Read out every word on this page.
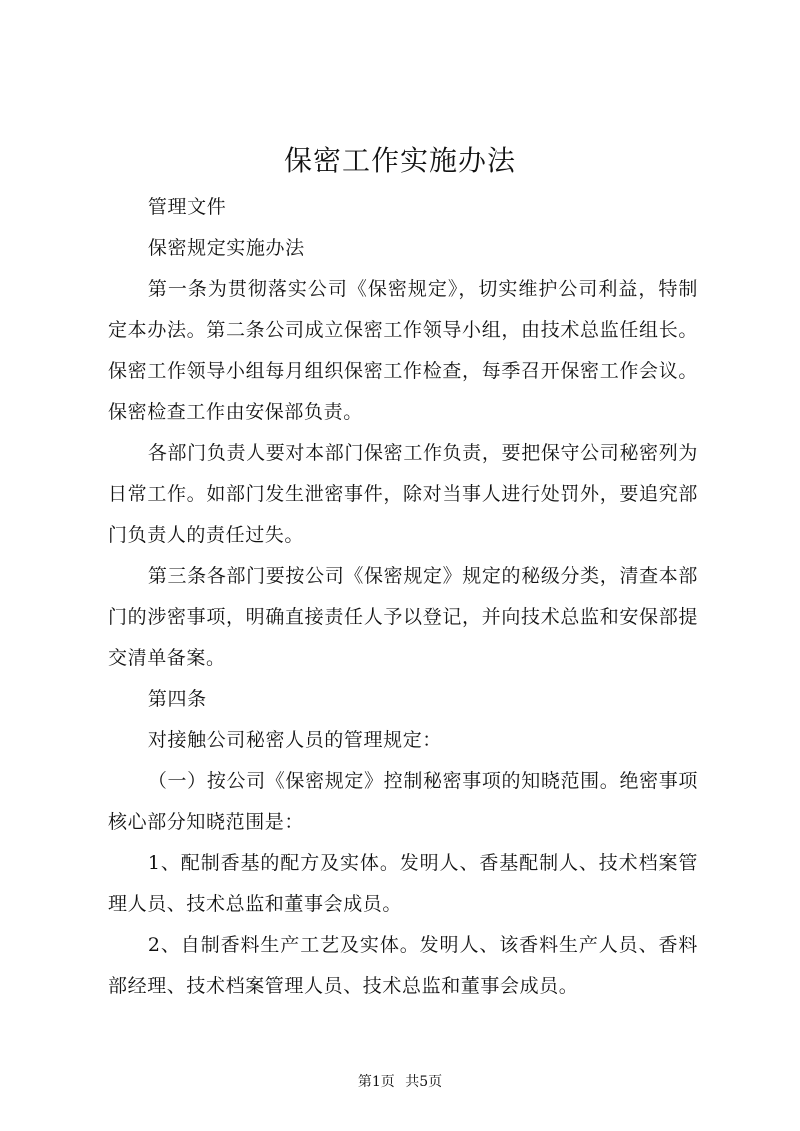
保密工作实施办法

管理文件

保密规定实施办法

第一条为贯彻落实公司《保密规定》，切实维护公司利益，特制定本办法。第二条公司成立保密工作领导小组，由技术总监任组长。保密工作领导小组每月组织保密工作检查，每季召开保密工作会议。保密检查工作由安保部负责。

各部门负责人要对本部门保密工作负责，要把保守公司秘密列为日常工作。如部门发生泄密事件，除对当事人进行处罚外，要追究部门负责人的责任过失。

第三条各部门要按公司《保密规定》规定的秘级分类，清查本部门的涉密事项，明确直接责任人予以登记，并向技术总监和安保部提交清单备案。

第四条

对接触公司秘密人员的管理规定：

（一）按公司《保密规定》控制秘密事项的知晓范围。绝密事项核心部分知晓范围是：

1、配制香基的配方及实体。发明人、香基配制人、技术档案管理人员、技术总监和董事会成员。

2、自制香料生产工艺及实体。发明人、该香料生产人员、香料部经理、技术档案管理人员、技术总监和董事会成员。

第1页 共5页
